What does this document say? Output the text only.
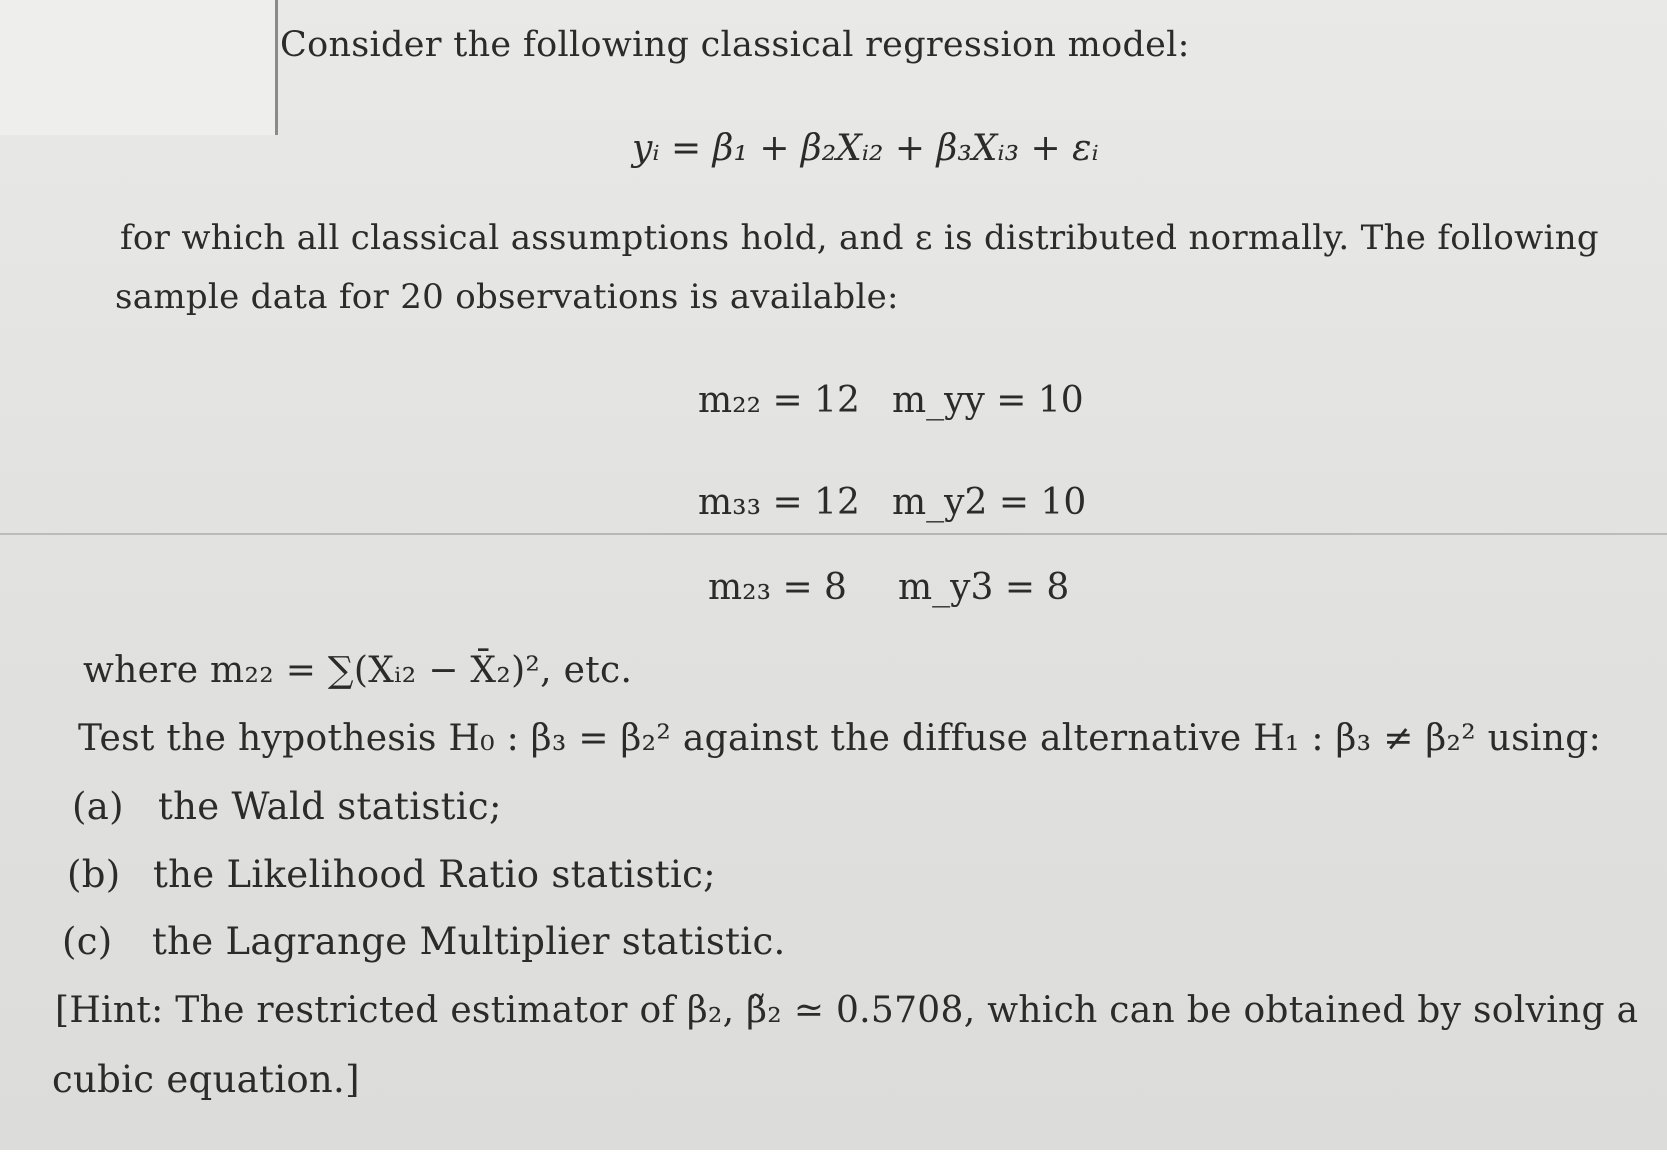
Consider the following classical regression model:
yᵢ = β₁ + β₂Xᵢ₂ + β₃Xᵢ₃ + εᵢ
for which all classical assumptions hold, and ε is distributed normally. The following
sample data for 20 observations is available:
m₂₂ = 12 m_yy = 10
m₃₃ = 12 m_y2 = 10
m₂₃ = 8 m_y3 = 8
where m₂₂ = ∑(Xᵢ₂ − X̄₂)², etc.
Test the hypothesis H₀ : β₃ = β₂² against the diffuse alternative H₁ : β₃ ≠ β₂² using:
(a) the Wald statistic;
(b) the Likelihood Ratio statistic;
(c) the Lagrange Multiplier statistic.
[Hint: The restricted estimator of β₂, β̃₂ ≃ 0.5708, which can be obtained by solving a
cubic equation.]
